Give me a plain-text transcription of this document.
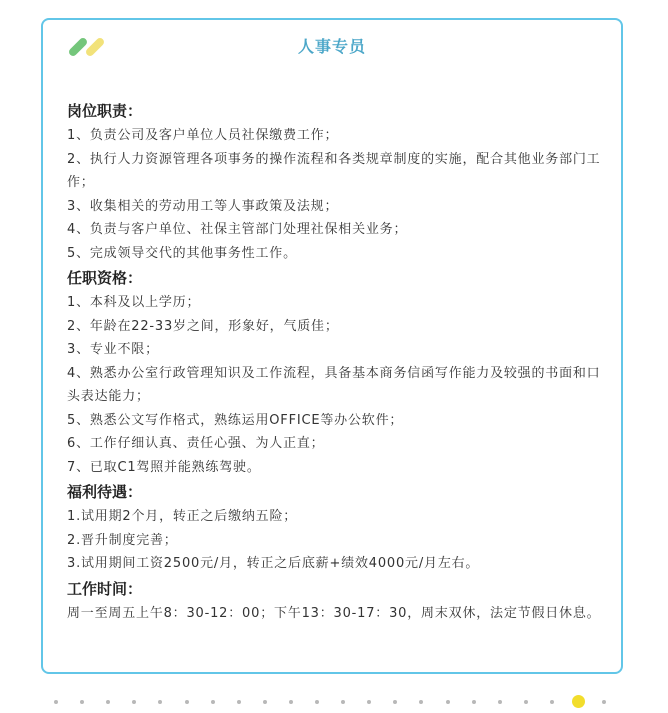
人事专员
岗位职责：
1、负责公司及客户单位人员社保缴费工作；
2、执行人力资源管理各项事务的操作流程和各类规章制度的实施，配合其他业务部门工作；
3、收集相关的劳动用工等人事政策及法规；
4、负责与客户单位、社保主管部门处理社保相关业务；
5、完成领导交代的其他事务性工作。
任职资格：
1、本科及以上学历；
2、年龄在22-33岁之间，形象好，气质佳；
3、专业不限；
4、熟悉办公室行政管理知识及工作流程，具备基本商务信函写作能力及较强的书面和口头表达能力；
5、熟悉公文写作格式，熟练运用OFFICE等办公软件；
6、工作仔细认真、责任心强、为人正直；
7、已取C1驾照并能熟练驾驶。
福利待遇：
1.试用期2个月，转正之后缴纳五险；
2.晋升制度完善；
3.试用期间工资2500元/月，转正之后底薪+绩效4000元/月左右。
工作时间：
周一至周五上午8：30-12：00；下午13：30-17：30，周末双休，法定节假日休息。
